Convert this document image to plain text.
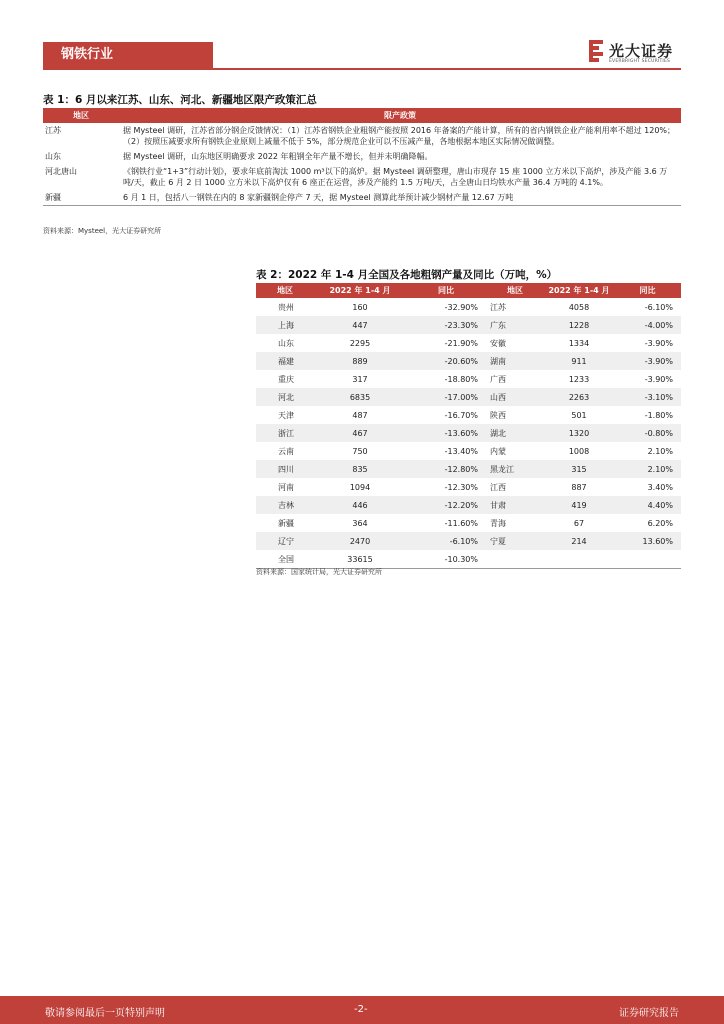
钢铁行业	光大证券
EVERBRIGHT SECURITIES
表 1：6 月以来江苏、山东、河北、新疆地区限产政策汇总
地区	限产政策
江苏	据 Mysteel 调研，江苏省部分钢企反馈情况：（1）江苏省钢铁企业粗钢产能按照 2016 年备案的产能计算，所有的省内钢铁企业产能利用率不超过 120%；（2）按照压减要求所有钢铁企业原则上减量不低于 5%，部分规范企业可以不压减产量，各地根据本地区实际情况做调整。
山东	据 Mysteel 调研，山东地区明确要求 2022 年粗钢全年产量不增长，但并未明确降幅。
河北唐山	《钢铁行业“1+3”行动计划》，要求年底前淘汰 1000 m³以下的高炉。据 Mysteel 调研整理，唐山市现存 15 座 1000 立方米以下高炉，涉及产能 3.6 万吨/天，截止 6 月 2 日 1000 立方米以下高炉仅有 6 座正在运营，涉及产能约 1.5 万吨/天，占全唐山日均铁水产量 36.4 万吨的 4.1%。
新疆	6 月 1 日，包括八一钢铁在内的 8 家新疆钢企停产 7 天，据 Mysteel 测算此举预计减少钢材产量 12.67 万吨
资料来源：Mysteel，光大证券研究所
表 2：2022 年 1-4 月全国及各地粗钢产量及同比（万吨，%）
地区	2022 年 1-4 月	同比	地区	2022 年 1-4 月	同比
贵州	160	-32.90%	江苏	4058	-6.10%
上海	447	-23.30%	广东	1228	-4.00%
山东	2295	-21.90%	安徽	1334	-3.90%
福建	889	-20.60%	湖南	911	-3.90%
重庆	317	-18.80%	广西	1233	-3.90%
河北	6835	-17.00%	山西	2263	-3.10%
天津	487	-16.70%	陕西	501	-1.80%
浙江	467	-13.60%	湖北	1320	-0.80%
云南	750	-13.40%	内蒙	1008	2.10%
四川	835	-12.80%	黑龙江	315	2.10%
河南	1094	-12.30%	江西	887	3.40%
吉林	446	-12.20%	甘肃	419	4.40%
新疆	364	-11.60%	青海	67	6.20%
辽宁	2470	-6.10%	宁夏	214	13.60%
全国	33615	-10.30%			
资料来源：国家统计局，光大证券研究所
敬请参阅最后一页特别声明	-2-	证券研究报告
